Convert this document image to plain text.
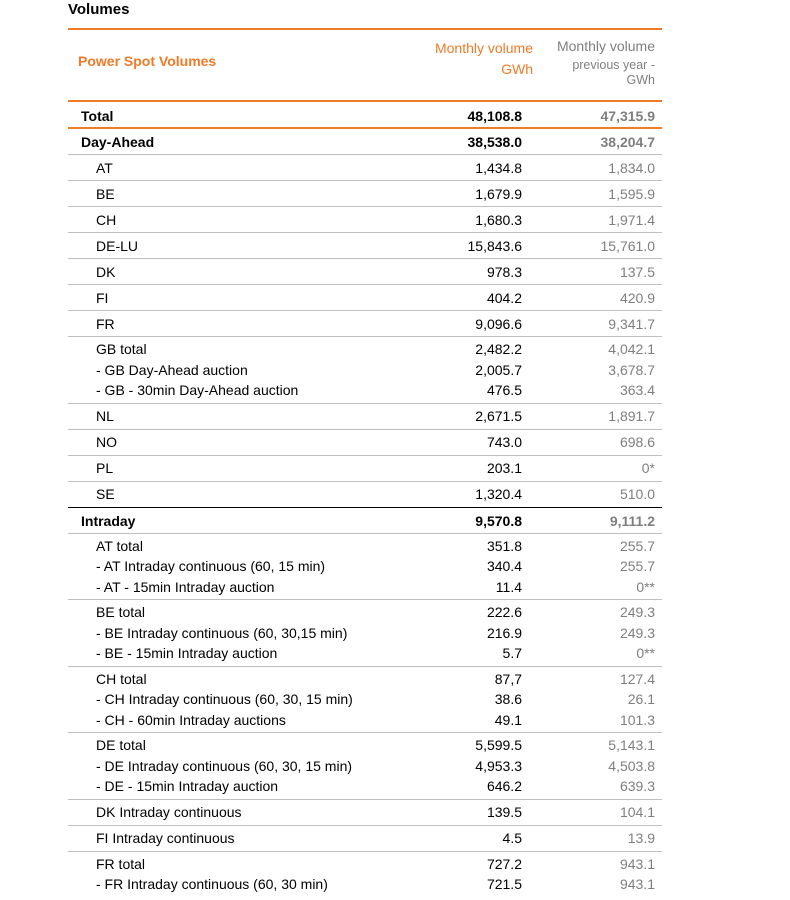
Volumes
Power Spot Volumes
Monthly volume
GWh
Monthly volume
previous year -
GWh
Total	48,108.8	47,315.9
Day-Ahead	38,538.0	38,204.7
AT	1,434.8	1,834.0
BE	1,679.9	1,595.9
CH	1,680.3	1,971.4
DE-LU	15,843.6	15,761.0
DK	978.3	137.5
FI	404.2	420.9
FR	9,096.6	9,341.7
GB total	2,482.2	4,042.1
- GB Day-Ahead auction	2,005.7	3,678.7
- GB - 30min Day-Ahead auction	476.5	363.4
NL	2,671.5	1,891.7
NO	743.0	698.6
PL	203.1	0*
SE	1,320.4	510.0
Intraday	9,570.8	9,111.2
AT total	351.8	255.7
- AT Intraday continuous (60, 15 min)	340.4	255.7
- AT - 15min Intraday auction	11.4	0**
BE total	222.6	249.3
- BE Intraday continuous (60, 30,15 min)	216.9	249.3
- BE - 15min Intraday auction	5.7	0**
CH total	87,7	127.4
- CH Intraday continuous (60, 30, 15 min)	38.6	26.1
- CH - 60min Intraday auctions	49.1	101.3
DE total	5,599.5	5,143.1
- DE Intraday continuous (60, 30, 15 min)	4,953.3	4,503.8
- DE - 15min Intraday auction	646.2	639.3
DK Intraday continuous	139.5	104.1
FI Intraday continuous	4.5	13.9
FR total	727.2	943.1
- FR Intraday continuous (60, 30 min)	721.5	943.1
